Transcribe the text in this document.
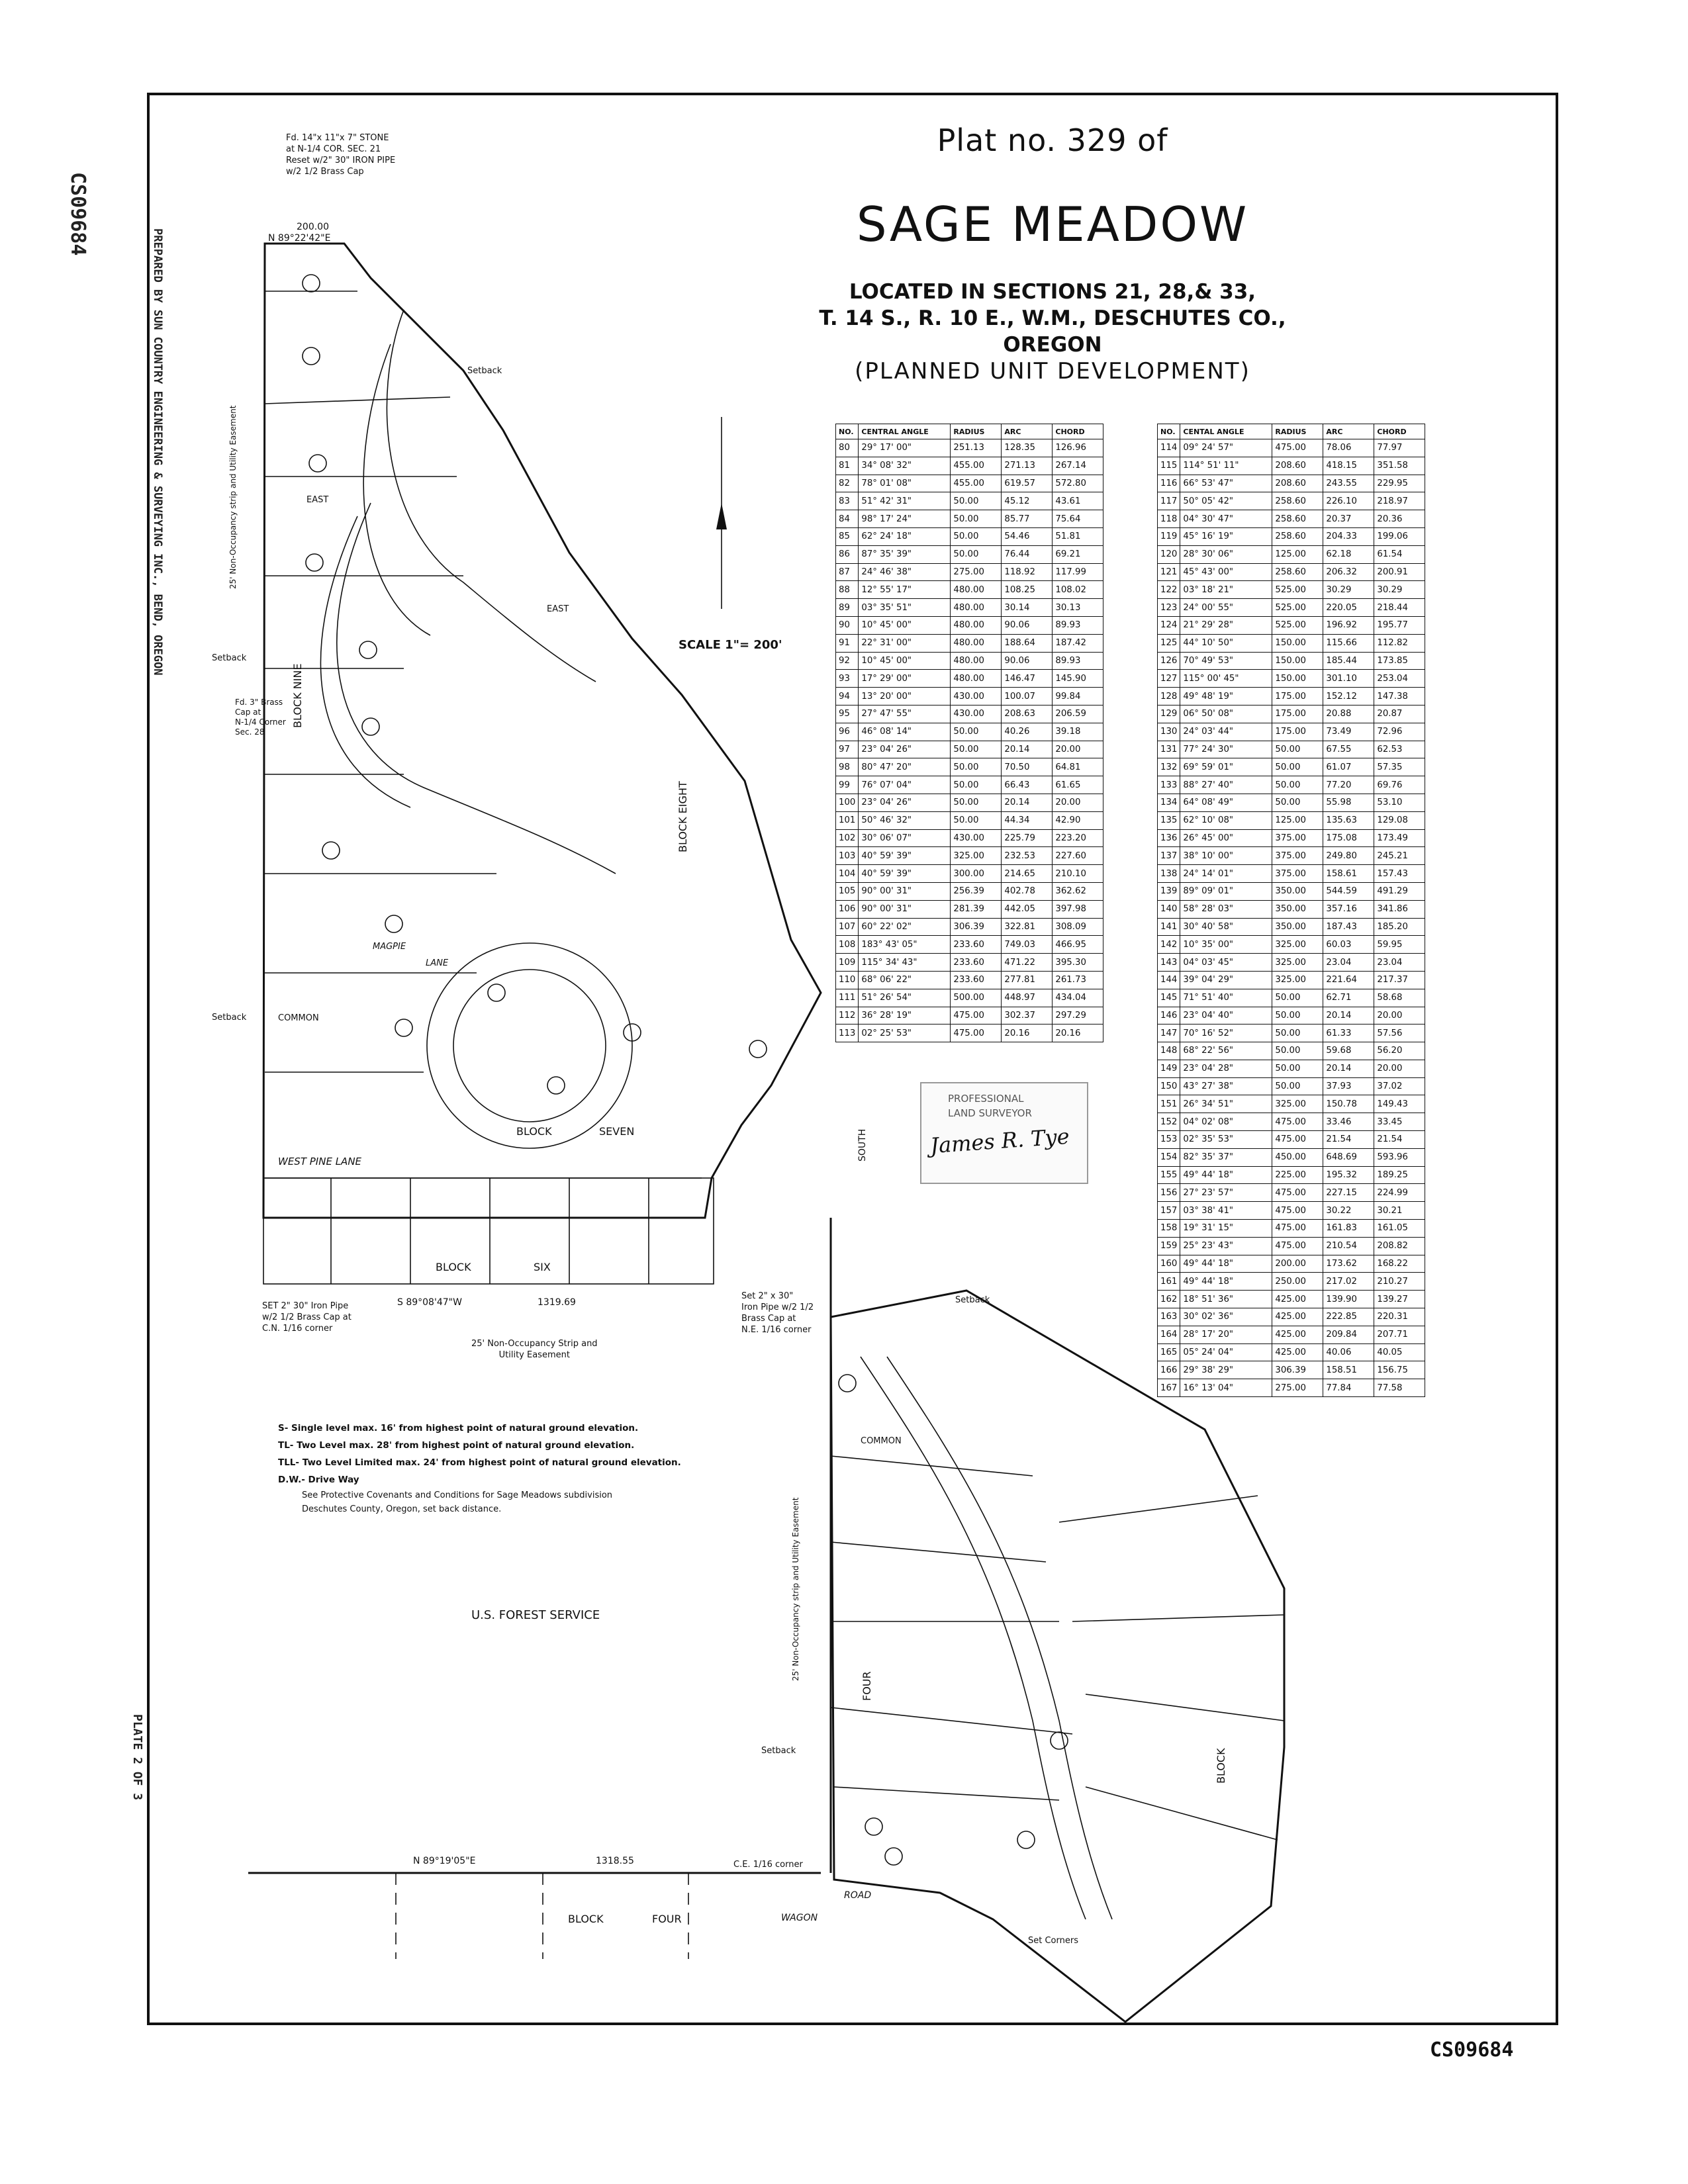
CS09684
PREPARED BY SUN COUNTRY ENGINEERING & SURVEYING INC., BEND, OREGON
PLATE 2 OF 3
CS09684
Plat no. 329 of
SAGE MEADOW
LOCATED IN SECTIONS 21, 28,& 33,
T. 14 S., R. 10 E., W.M., DESCHUTES CO., OREGON
(PLANNED UNIT DEVELOPMENT)
NO.	CENTRAL ANGLE	RADIUS	ARC	CHORD
80	29° 17' 00"	251.13	128.35	126.96
81	34° 08' 32"	455.00	271.13	267.14
82	78° 01' 08"	455.00	619.57	572.80
83	51° 42' 31"	50.00	45.12	43.61
84	98° 17' 24"	50.00	85.77	75.64
85	62° 24' 18"	50.00	54.46	51.81
86	87° 35' 39"	50.00	76.44	69.21
87	24° 46' 38"	275.00	118.92	117.99
88	12° 55' 17"	480.00	108.25	108.02
89	03° 35' 51"	480.00	30.14	30.13
90	10° 45' 00"	480.00	90.06	89.93
91	22° 31' 00"	480.00	188.64	187.42
92	10° 45' 00"	480.00	90.06	89.93
93	17° 29' 00"	480.00	146.47	145.90
94	13° 20' 00"	430.00	100.07	99.84
95	27° 47' 55"	430.00	208.63	206.59
96	46° 08' 14"	50.00	40.26	39.18
97	23° 04' 26"	50.00	20.14	20.00
98	80° 47' 20"	50.00	70.50	64.81
99	76° 07' 04"	50.00	66.43	61.65
100	23° 04' 26"	50.00	20.14	20.00
101	50° 46' 32"	50.00	44.34	42.90
102	30° 06' 07"	430.00	225.79	223.20
103	40° 59' 39"	325.00	232.53	227.60
104	40° 59' 39"	300.00	214.65	210.10
105	90° 00' 31"	256.39	402.78	362.62
106	90° 00' 31"	281.39	442.05	397.98
107	60° 22' 02"	306.39	322.81	308.09
108	183° 43' 05"	233.60	749.03	466.95
109	115° 34' 43"	233.60	471.22	395.30
110	68° 06' 22"	233.60	277.81	261.73
111	51° 26' 54"	500.00	448.97	434.04
112	36° 28' 19"	475.00	302.37	297.29
113	02° 25' 53"	475.00	20.16	20.16
NO.	CENTAL ANGLE	RADIUS	ARC	CHORD
114	09° 24' 57"	475.00	78.06	77.97
115	114° 51' 11"	208.60	418.15	351.58
116	66° 53' 47"	208.60	243.55	229.95
117	50° 05' 42"	258.60	226.10	218.97
118	04° 30' 47"	258.60	20.37	20.36
119	45° 16' 19"	258.60	204.33	199.06
120	28° 30' 06"	125.00	62.18	61.54
121	45° 43' 00"	258.60	206.32	200.91
122	03° 18' 21"	525.00	30.29	30.29
123	24° 00' 55"	525.00	220.05	218.44
124	21° 29' 28"	525.00	196.92	195.77
125	44° 10' 50"	150.00	115.66	112.82
126	70° 49' 53"	150.00	185.44	173.85
127	115° 00' 45"	150.00	301.10	253.04
128	49° 48' 19"	175.00	152.12	147.38
129	06° 50' 08"	175.00	20.88	20.87
130	24° 03' 44"	175.00	73.49	72.96
131	77° 24' 30"	50.00	67.55	62.53
132	69° 59' 01"	50.00	61.07	57.35
133	88° 27' 40"	50.00	77.20	69.76
134	64° 08' 49"	50.00	55.98	53.10
135	62° 10' 08"	125.00	135.63	129.08
136	26° 45' 00"	375.00	175.08	173.49
137	38° 10' 00"	375.00	249.80	245.21
138	24° 14' 01"	375.00	158.61	157.43
139	89° 09' 01"	350.00	544.59	491.29
140	58° 28' 03"	350.00	357.16	341.86
141	30° 40' 58"	350.00	187.43	185.20
142	10° 35' 00"	325.00	60.03	59.95
143	04° 03' 45"	325.00	23.04	23.04
144	39° 04' 29"	325.00	221.64	217.37
145	71° 51' 40"	50.00	62.71	58.68
146	23° 04' 40"	50.00	20.14	20.00
147	70° 16' 52"	50.00	61.33	57.56
148	68° 22' 56"	50.00	59.68	56.20
149	23° 04' 28"	50.00	20.14	20.00
150	43° 27' 38"	50.00	37.93	37.02
151	26° 34' 51"	325.00	150.78	149.43
152	04° 02' 08"	475.00	33.46	33.45
153	02° 35' 53"	475.00	21.54	21.54
154	82° 35' 37"	450.00	648.69	593.96
155	49° 44' 18"	225.00	195.32	189.25
156	27° 23' 57"	475.00	227.15	224.99
157	03° 38' 41"	475.00	30.22	30.21
158	19° 31' 15"	475.00	161.83	161.05
159	25° 23' 43"	475.00	210.54	208.82
160	49° 44' 18"	200.00	173.62	168.22
161	49° 44' 18"	250.00	217.02	210.27
162	18° 51' 36"	425.00	139.90	139.27
163	30° 02' 36"	425.00	222.85	220.31
164	28° 17' 20"	425.00	209.84	207.71
165	05° 24' 04"	425.00	40.06	40.05
166	29° 38' 29"	306.39	158.51	156.75
167	16° 13' 04"	275.00	77.84	77.58
SCALE 1"= 200'
PROFESSIONAL
LAND SURVEYOR
James R. Tye
S- Single level max. 16' from highest point of natural ground elevation.
TL- Two Level max. 28' from highest point of natural ground elevation.
TLL- Two Level Limited max. 24' from highest point of natural ground elevation.
D.W.- Drive Way
See Protective Covenants and Conditions for Sage Meadows subdivision
Deschutes County, Oregon, set back distance.
Fd. 14"x 11"x 7" STONE
at N-1/4 COR. SEC. 21
Reset w/2" 30" IRON PIPE
w/2 1/2 Brass Cap
Fd. 3" Brass
Cap at
N-1/4 Corner
Sec. 28
SET 2" 30" Iron Pipe
w/2 1/2 Brass Cap at
C.N. 1/16 corner
Set 2" x 30"
Iron Pipe w/2 1/2
Brass Cap at
N.E. 1/16 corner
25' Non-Occupancy Strip and
Utility Easement
C.E. 1/16 corner
Set Corners
U.S. FOREST SERVICE
N 89°22'42"E
200.00
N 89°19'05"E	1318.55
S 89°08'47"W	1319.69
WEST PINE LANE
MAGPIE
LANE
BLOCK NINE
BLOCK EIGHT
BLOCK	SEVEN
BLOCK	SIX
FOUR
BLOCK	FOUR
BLOCK
WAGON
ROAD
SOUTH
EAST
EAST
COMMON
COMMON
Setback
Setback
Setback
Setback
Setback
25' Non-Occupancy strip and Utility Easement
25' Non-Occupancy strip and Utility Easement
